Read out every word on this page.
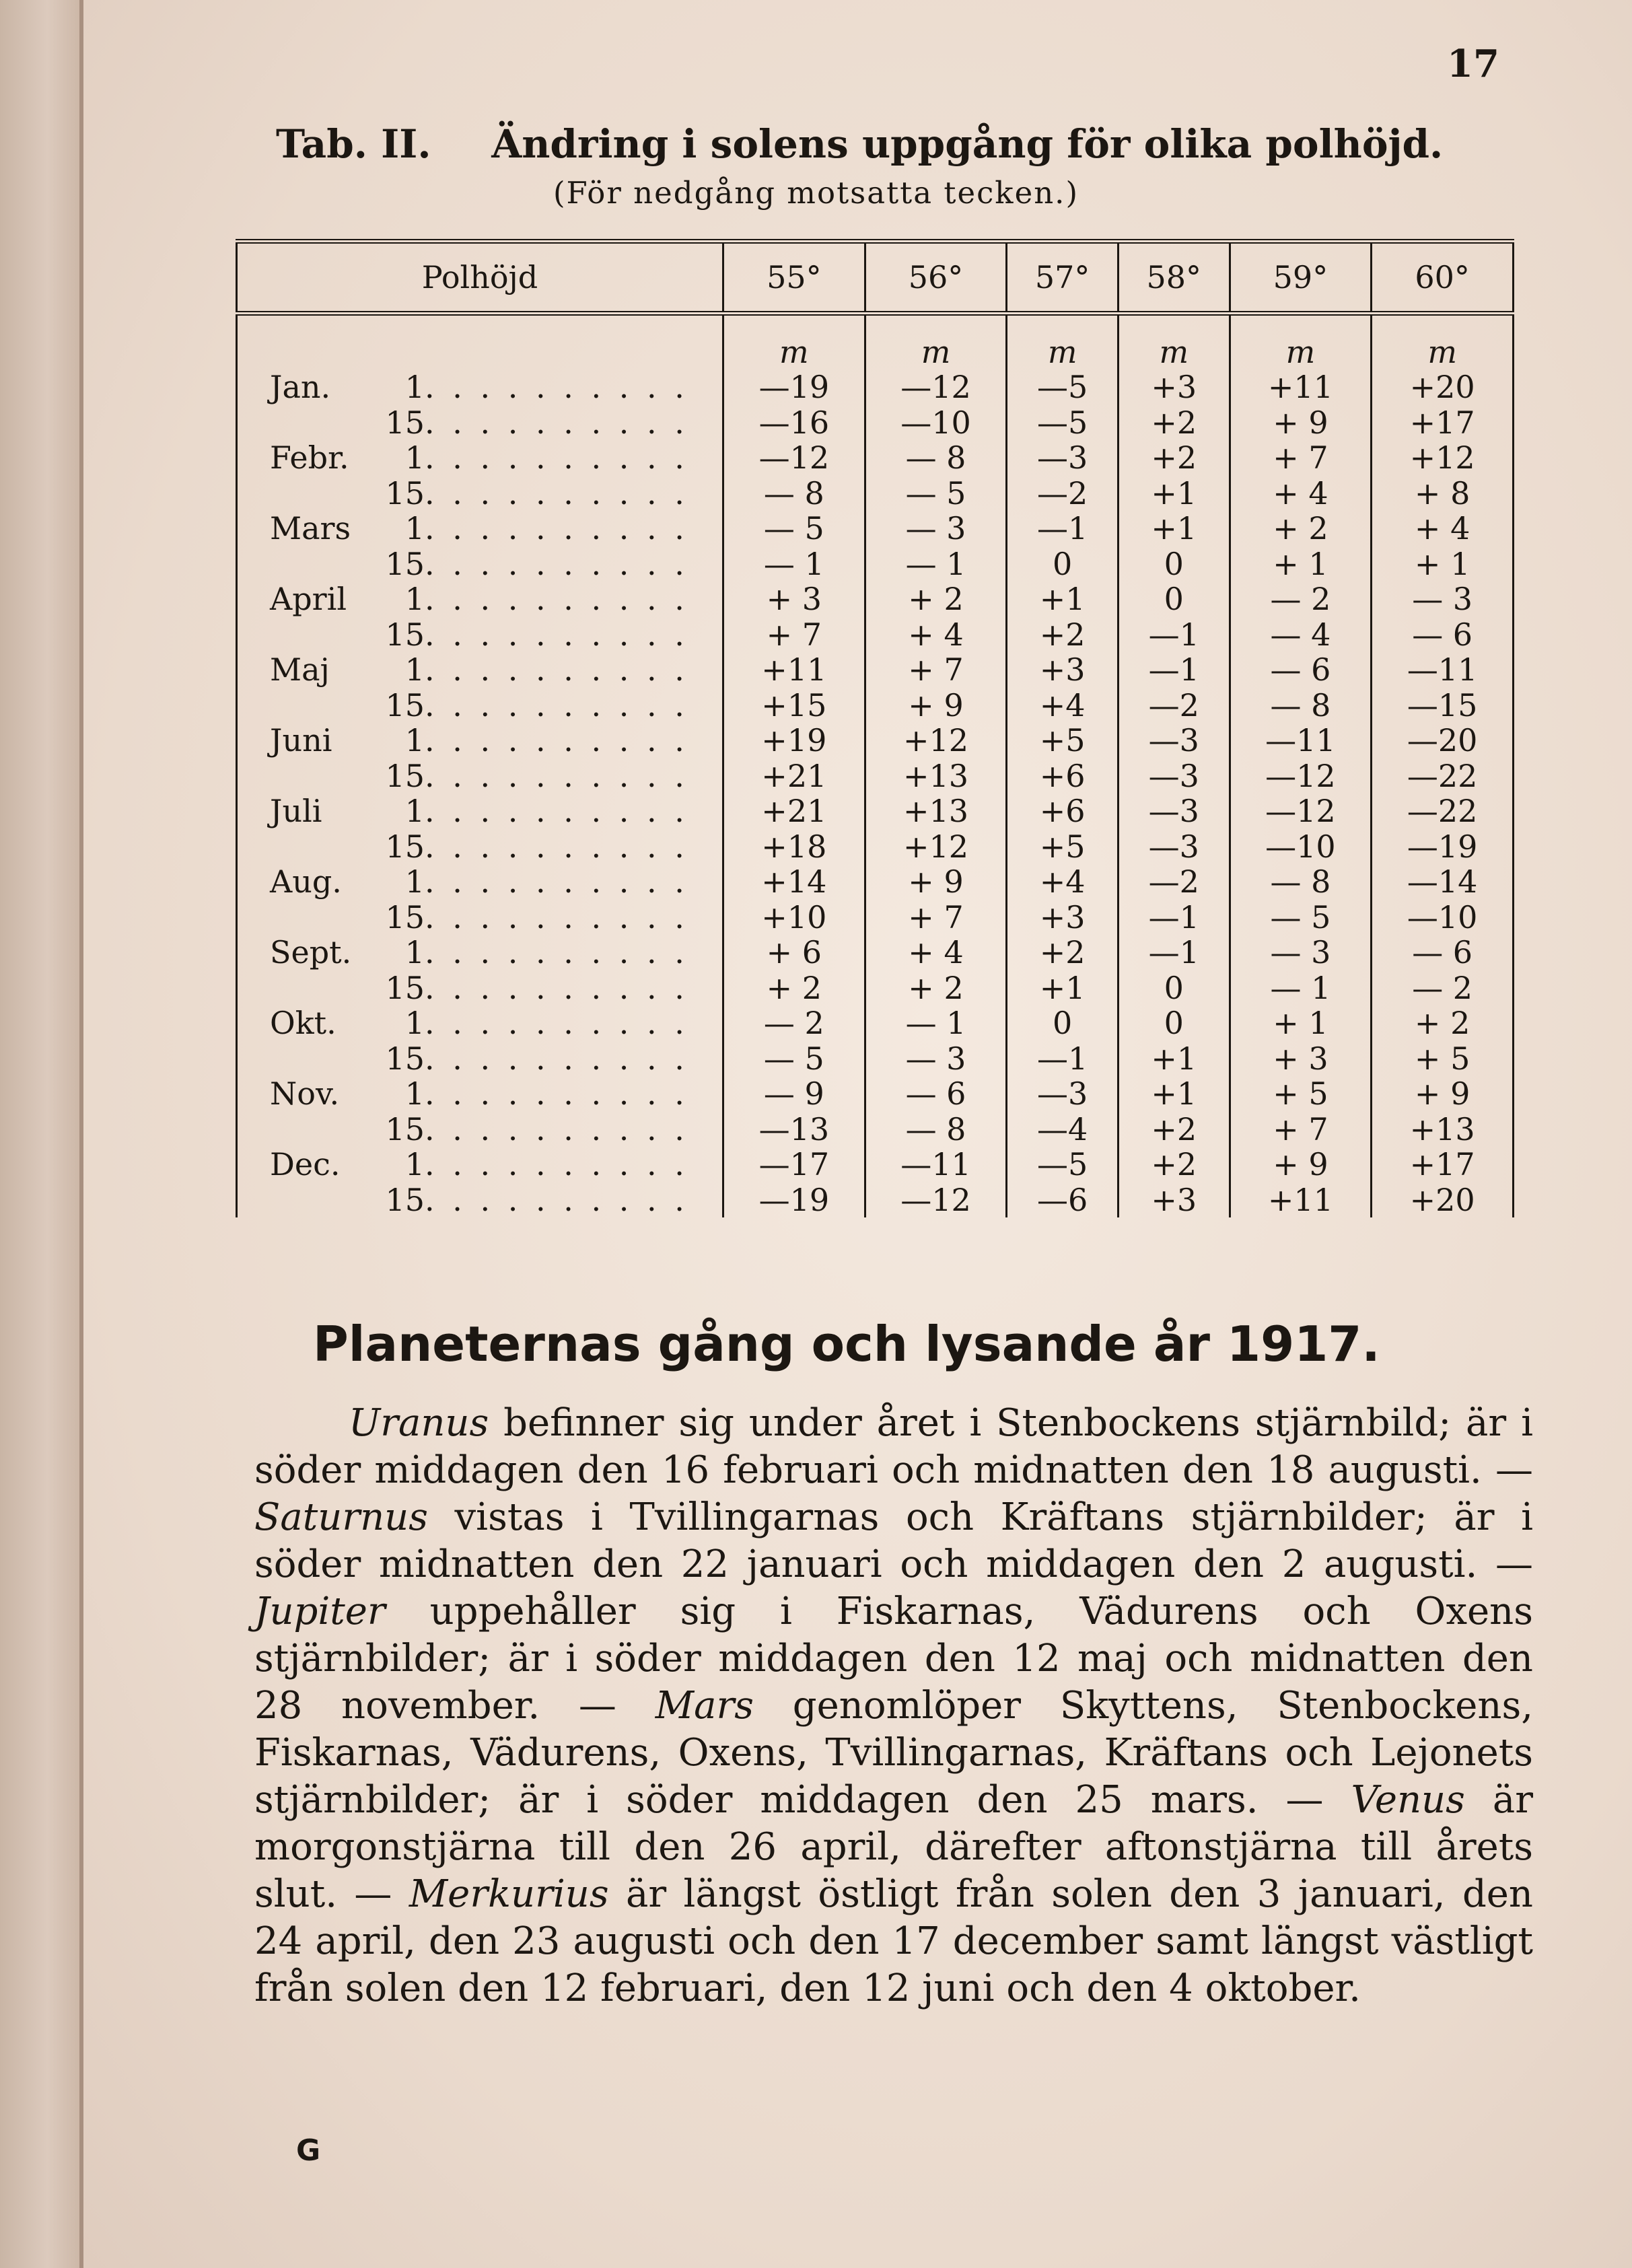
17
Tab. II. Ändring i solens uppgång för olika polhöjd.
(För nedgång motsatta tecken.)
Polhöjd	55°	56°	57°	58°	59°	60°
	m	m	m	m	m	m
Jan. 1. . . . . . . . . .	—19	—12	—5	+3	+11	+20
15. . . . . . . . . .	—16	—10	—5	+2	+ 9	+17
Febr. 1. . . . . . . . . .	—12	— 8	—3	+2	+ 7	+12
15. . . . . . . . . .	— 8	— 5	—2	+1	+ 4	+ 8
Mars 1. . . . . . . . . .	— 5	— 3	—1	+1	+ 2	+ 4
15. . . . . . . . . .	— 1	— 1	0	0	+ 1	+ 1
April 1. . . . . . . . . .	+ 3	+ 2	+1	0	— 2	— 3
15. . . . . . . . . .	+ 7	+ 4	+2	—1	— 4	— 6
Maj 1. . . . . . . . . .	+11	+ 7	+3	—1	— 6	—11
15. . . . . . . . . .	+15	+ 9	+4	—2	— 8	—15
Juni 1. . . . . . . . . .	+19	+12	+5	—3	—11	—20
15. . . . . . . . . .	+21	+13	+6	—3	—12	—22
Juli 1. . . . . . . . . .	+21	+13	+6	—3	—12	—22
15. . . . . . . . . .	+18	+12	+5	—3	—10	—19
Aug. 1. . . . . . . . . .	+14	+ 9	+4	—2	— 8	—14
15. . . . . . . . . .	+10	+ 7	+3	—1	— 5	—10
Sept. 1. . . . . . . . . .	+ 6	+ 4	+2	—1	— 3	— 6
15. . . . . . . . . .	+ 2	+ 2	+1	0	— 1	— 2
Okt. 1. . . . . . . . . .	— 2	— 1	0	0	+ 1	+ 2
15. . . . . . . . . .	— 5	— 3	—1	+1	+ 3	+ 5
Nov. 1. . . . . . . . . .	— 9	— 6	—3	+1	+ 5	+ 9
15. . . . . . . . . .	—13	— 8	—4	+2	+ 7	+13
Dec. 1. . . . . . . . . .	—17	—11	—5	+2	+ 9	+17
15. . . . . . . . . .	—19	—12	—6	+3	+11	+20
Planeternas gång och lysande år 1917.

Uranus befinner sig under året i Stenbockens stjärnbild; är i söder middagen den 16 februari och midnatten den 18 augusti. — Saturnus vistas i Tvillingarnas och Kräftans stjärnbilder; är i söder midnatten den 22 januari och middagen den 2 augusti. — Jupiter uppehåller sig i Fiskarnas, Vädurens och Oxens stjärnbilder; är i söder middagen den 12 maj och midnatten den 28 november. — Mars genomlöper Skyttens, Stenbockens, Fiskarnas, Vädurens, Oxens, Tvillingarnas, Kräftans och Lejonets stjärnbilder; är i söder middagen den 25 mars. — Venus är morgonstjärna till den 26 april, därefter aftonstjärna till årets slut. — Merkurius är längst östligt från solen den 3 januari, den 24 april, den 23 augusti och den 17 december samt längst västligt från solen den 12 februari, den 12 juni och den 4 oktober.

G
